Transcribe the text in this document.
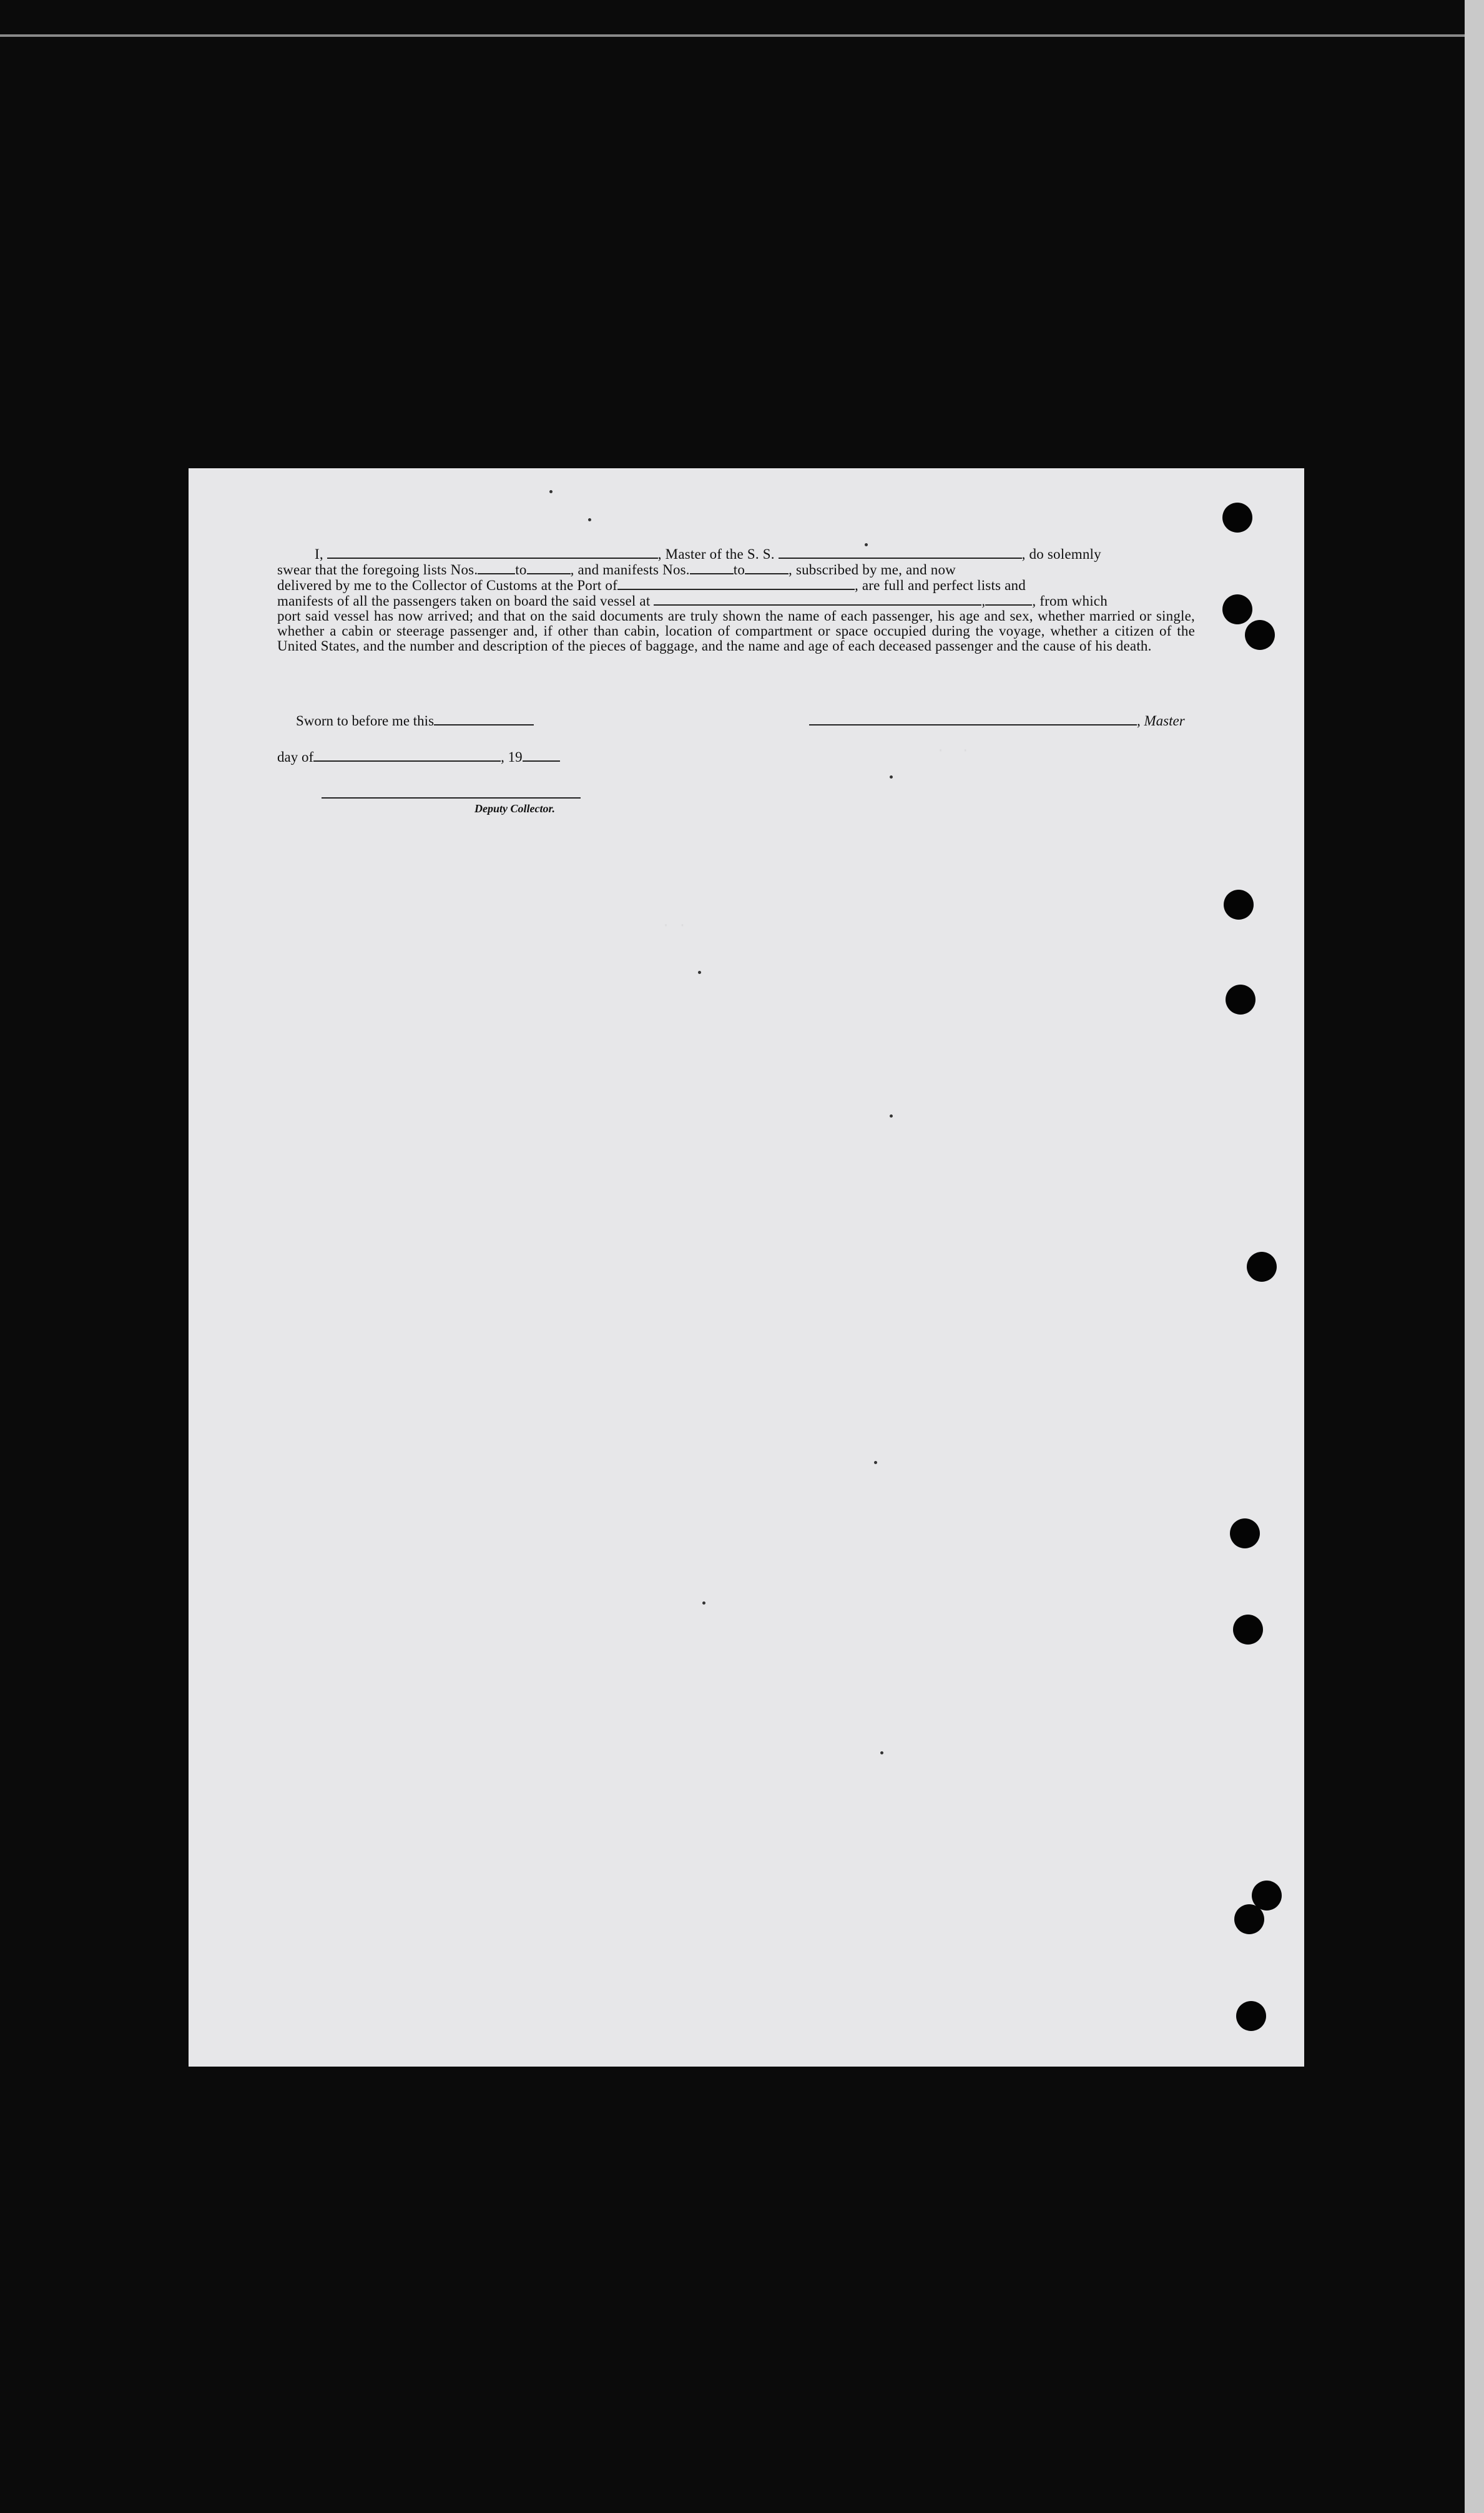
·  ·
· ·

I,	, Master of the S. S.	, do solemnly

swear that the foregoing lists Nos.	to	, and manifests Nos.	to	, subscribed by me, and now

delivered by me to the Collector of Customs at the Port of	, are full and perfect lists and

manifests of all the passengers taken on board the said vessel at	,	, from which

port said vessel has now arrived; and that on the said documents are truly shown the name of each passenger, his age and sex, whether married or single, whether a cabin or steerage passenger and, if other than cabin, location of compartment or space occupied during the voyage, whether a citizen of the United States, and the number and description of the pieces of baggage, and the name and age of each deceased passenger and the cause of his death.

Sworn to before me this
day of	, 19
Deputy Collector.
, Master
